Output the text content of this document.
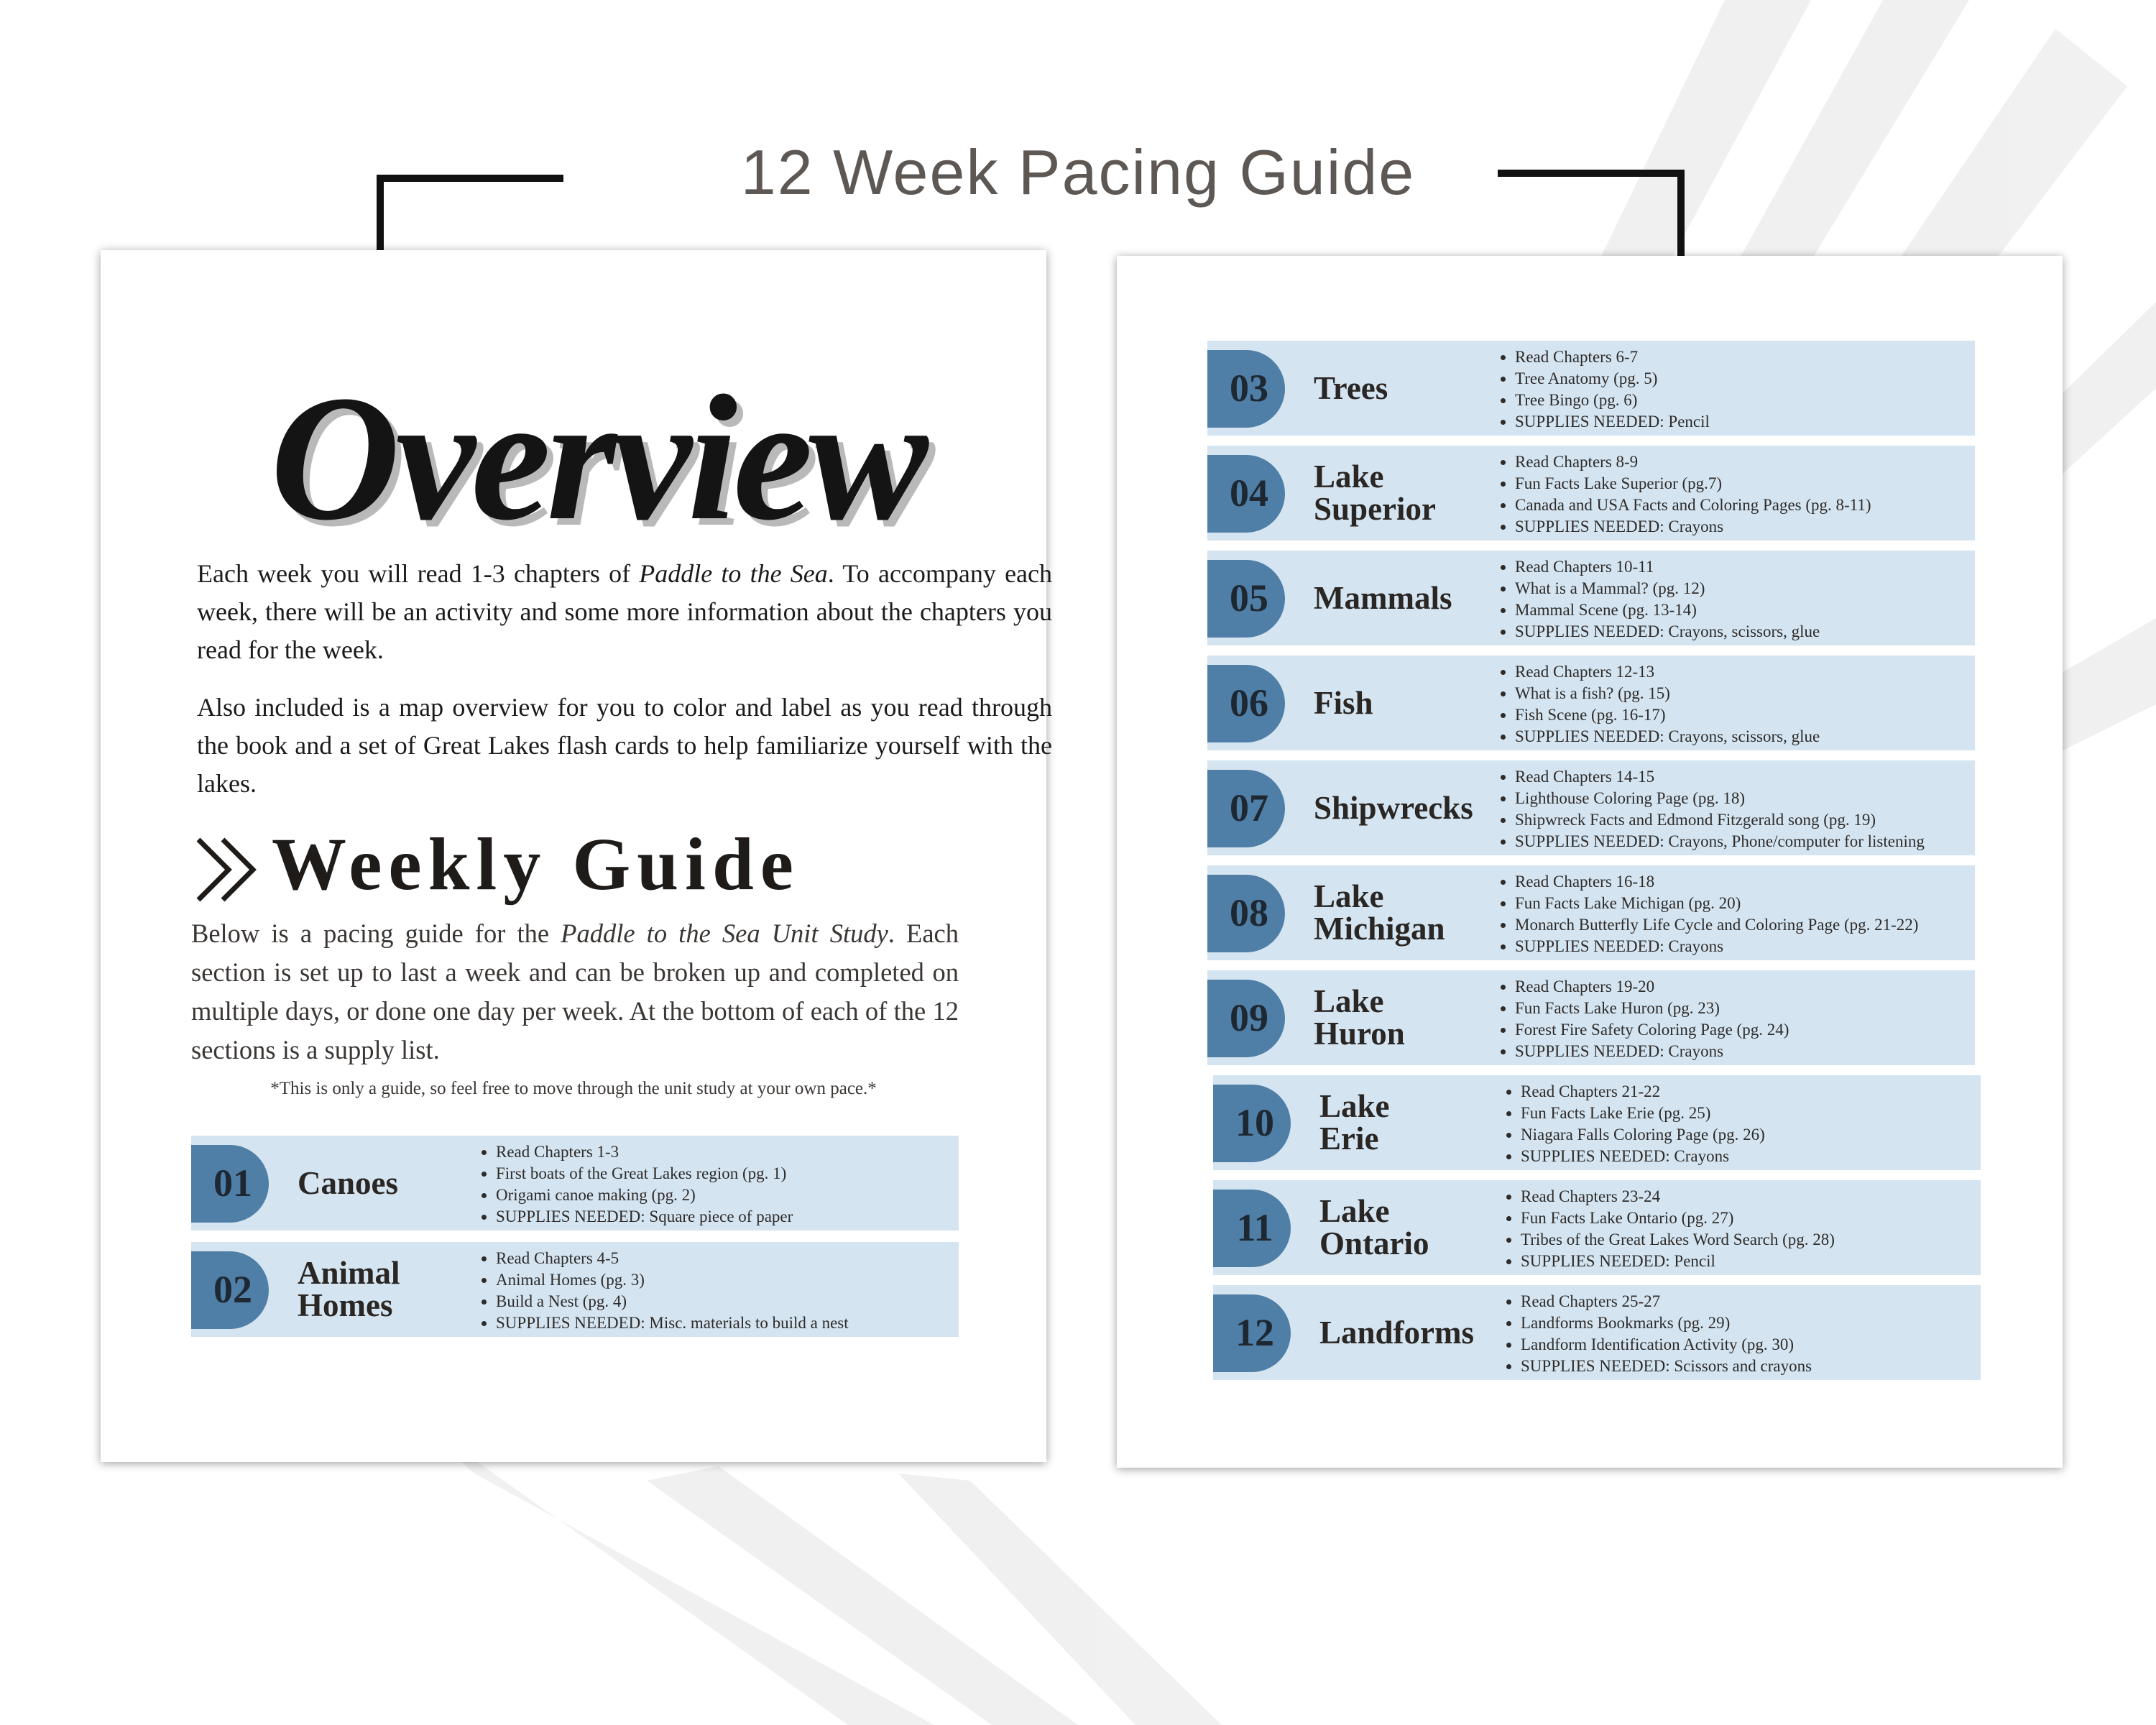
12 Week Pacing Guide
Overview

Each week you will read 1-3 chapters of Paddle to the Sea. To accompany each week, there will be an activity and some more information about the chapters you read for the week.

Also included is a map overview for you to color and label as you read through the book and a set of Great Lakes flash cards to help familiarize yourself with the lakes.

Weekly Guide

Below is a pacing guide for the Paddle to the Sea Unit Study. Each section is set up to last a week and can be broken up and completed on multiple days, or done one day per week. At the bottom of each of the 12 sections is a supply list.

*This is only a guide, so feel free to move through the unit study at your own pace.*

01	Canoes
• Read Chapters 1-3
• First boats of the Great Lakes region (pg. 1)
• Origami canoe making (pg. 2)
• SUPPLIES NEEDED: Square piece of paper
02	Animal
Homes
• Read Chapters 4-5
• Animal Homes (pg. 3)
• Build a Nest (pg. 4)
• SUPPLIES NEEDED: Misc. materials to build a nest
03	Trees
• Read Chapters 6-7
• Tree Anatomy (pg. 5)
• Tree Bingo (pg. 6)
• SUPPLIES NEEDED: Pencil
04	Lake
Superior
• Read Chapters 8-9
• Fun Facts Lake Superior (pg.7)
• Canada and USA Facts and Coloring Pages (pg. 8-11)
• SUPPLIES NEEDED: Crayons
05	Mammals
• Read Chapters 10-11
• What is a Mammal? (pg. 12)
• Mammal Scene (pg. 13-14)
• SUPPLIES NEEDED: Crayons, scissors, glue
06	Fish
• Read Chapters 12-13
• What is a fish? (pg. 15)
• Fish Scene (pg. 16-17)
• SUPPLIES NEEDED: Crayons, scissors, glue
07	Shipwrecks
• Read Chapters 14-15
• Lighthouse Coloring Page (pg. 18)
• Shipwreck Facts and Edmond Fitzgerald song (pg. 19)
• SUPPLIES NEEDED: Crayons, Phone/computer for listening
08	Lake
Michigan
• Read Chapters 16-18
• Fun Facts Lake Michigan (pg. 20)
• Monarch Butterfly Life Cycle and Coloring Page (pg. 21-22)
• SUPPLIES NEEDED: Crayons
09	Lake
Huron
• Read Chapters 19-20
• Fun Facts Lake Huron (pg. 23)
• Forest Fire Safety Coloring Page (pg. 24)
• SUPPLIES NEEDED: Crayons
10	Lake
Erie
• Read Chapters 21-22
• Fun Facts Lake Erie (pg. 25)
• Niagara Falls Coloring Page (pg. 26)
• SUPPLIES NEEDED: Crayons
11	Lake
Ontario
• Read Chapters 23-24
• Fun Facts Lake Ontario (pg. 27)
• Tribes of the Great Lakes Word Search (pg. 28)
• SUPPLIES NEEDED: Pencil
12	Landforms
• Read Chapters 25-27
• Landforms Bookmarks (pg. 29)
• Landform Identification Activity (pg. 30)
• SUPPLIES NEEDED: Scissors and crayons
